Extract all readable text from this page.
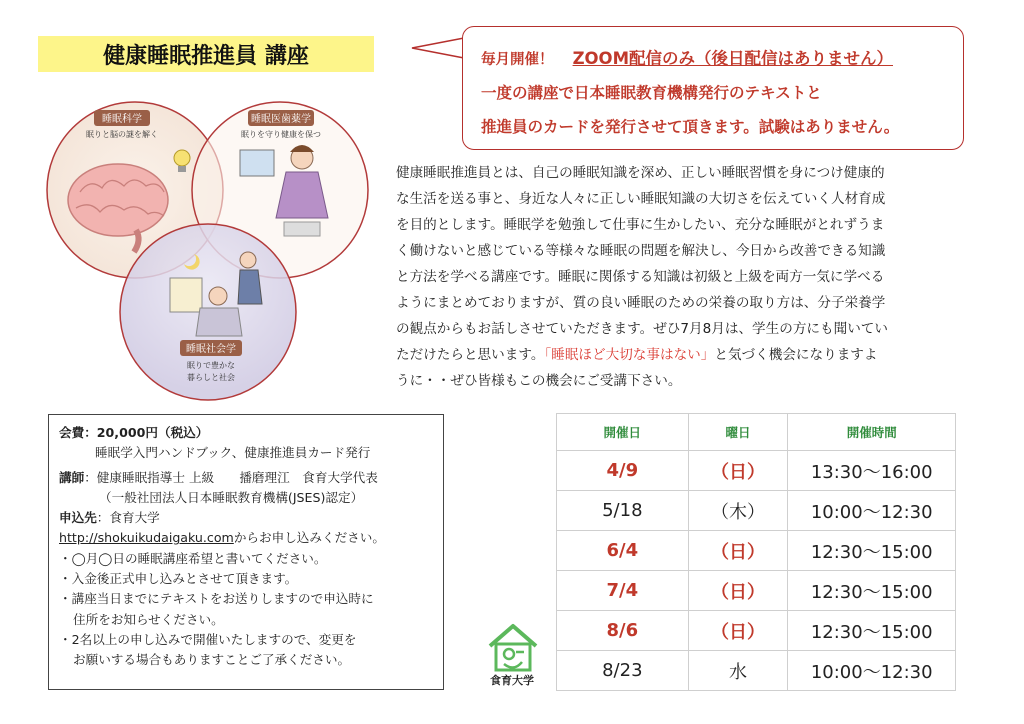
健康睡眠推進員 講座	毎月開催！ ZOOM配信のみ（後日配信はありません）
一度の講座で日本睡眠教育機構発行のテキストと
推進員のカードを発行させて頂きます。試験はありません。
睡眠科学
眠りと脳の謎を解く
睡眠医歯薬学
眠りを守り健康を保つ
睡眠社会学
眠りで豊かな
暮らしと社会
健康睡眠推進員とは、自己の睡眠知識を深め、正しい睡眠習慣を身につけ健康的
な生活を送る事と、身近な人々に正しい睡眠知識の大切さを伝えていく人材育成
を目的とします。睡眠学を勉強して仕事に生かしたい、充分な睡眠がとれずうま
く働けないと感じている等様々な睡眠の問題を解決し、今日から改善できる知識
と方法を学べる講座です。睡眠に関係する知識は初級と上級を両方一気に学べる
ようにまとめておりますが、質の良い睡眠のための栄養の取り方は、分子栄養学
の観点からもお話しさせていただきます。ぜひ7月8月は、学生の方にも聞いてい
ただけたらと思います。「睡眠ほど大切な事はない」と気づく機会になりますよ
うに・・ぜひ皆様もこの機会にご受講下さい。
会費：20,000円（税込）
睡眠学入門ハンドブック、健康推進員カード発行
講師：健康睡眠指導士 上級　　播磨理江　食育大学代表
（一般社団法人日本睡眠教育機構(JSES)認定）
申込先：食育大学
http://shokuikudaigaku.comからお申し込みください。
・◯月◯日の睡眠講座希望と書いてください。
・入金後正式申し込みとさせて頂きます。
・講座当日までにテキストをお送りしますので申込時に
住所をお知らせください。
・2名以上の申し込みで開催いたしますので、変更を
お願いする場合もありますことご了承ください。
食育大学
開催日	曜日	開催時間
4/9	（日）	13:30〜16:00
5/18	（木）	10:00〜12:30
6/4	（日）	12:30〜15:00
7/4	（日）	12:30〜15:00
8/6	（日）	12:30〜15:00
8/23	水	10:00〜12:30
